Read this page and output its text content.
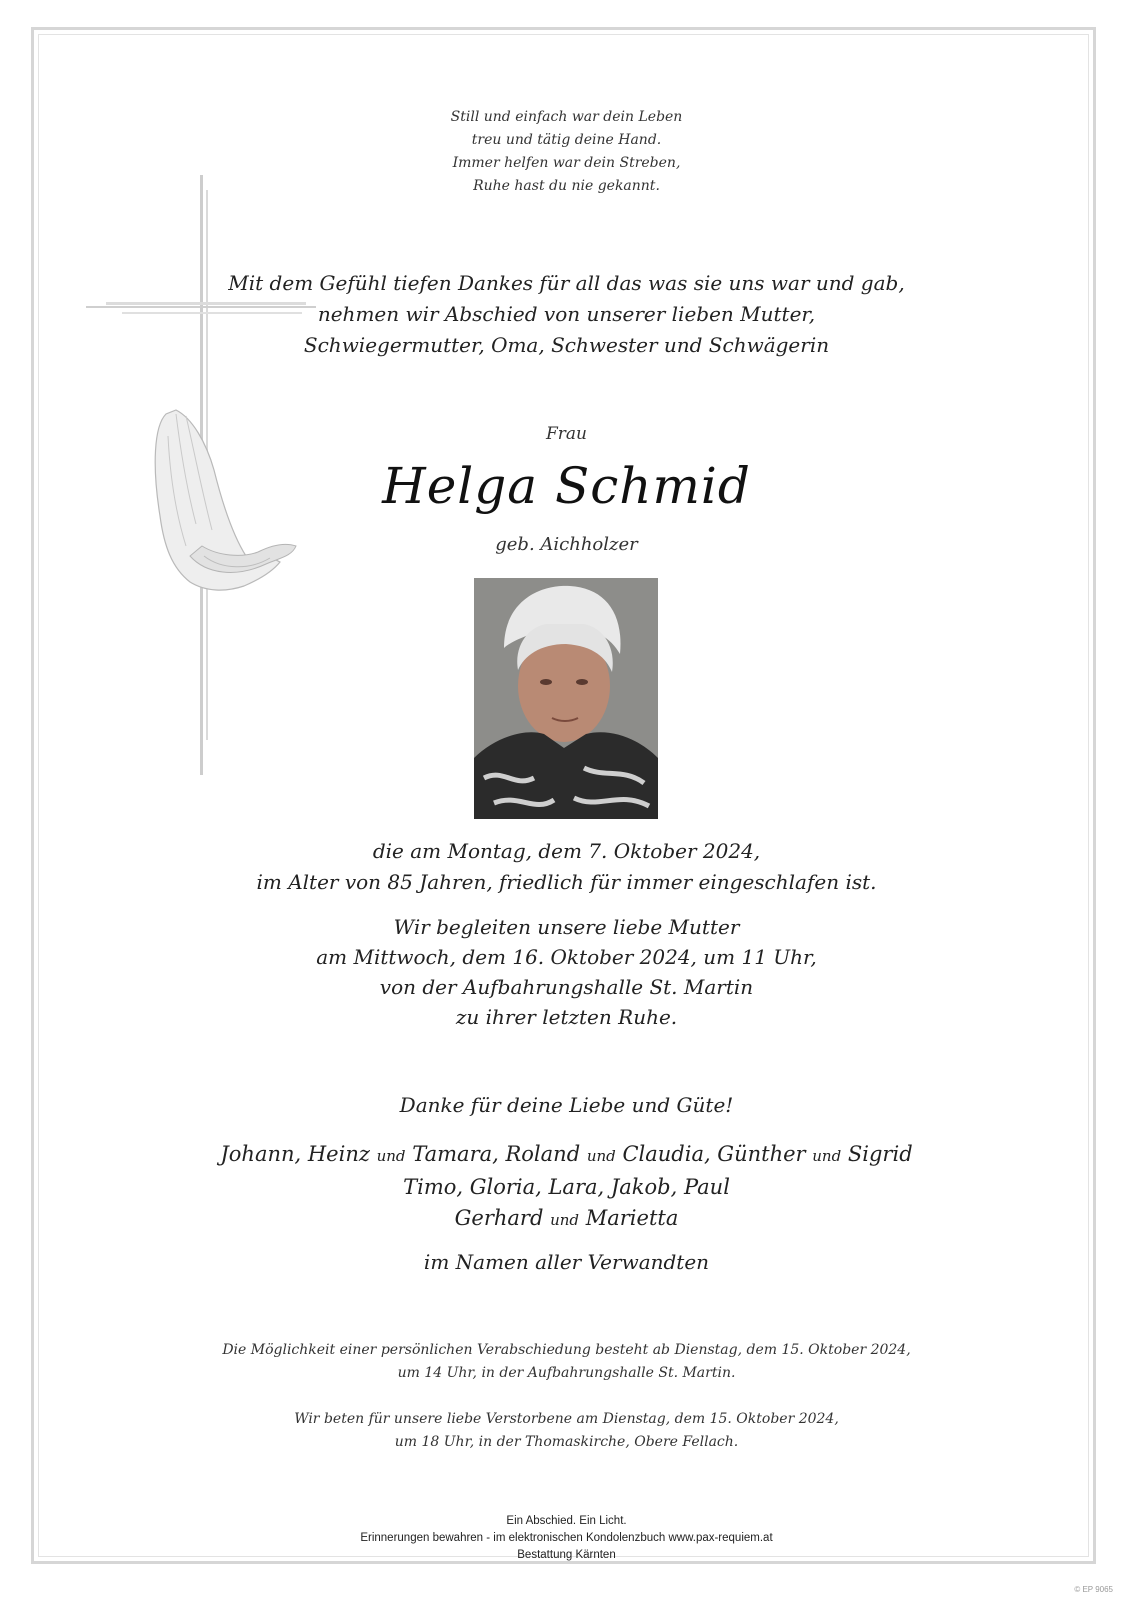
Still und einfach war dein Leben
treu und tätig deine Hand.
Immer helfen war dein Streben,
Ruhe hast du nie gekannt.
Mit dem Gefühl tiefen Dankes für all das was sie uns war und gab,
nehmen wir Abschied von unserer lieben Mutter,
Schwiegermutter, Oma, Schwester und Schwägerin
Frau
Helga Schmid
geb. Aichholzer
die am Montag, dem 7. Oktober 2024,
im Alter von 85 Jahren, friedlich für immer eingeschlafen ist.
Wir begleiten unsere liebe Mutter
am Mittwoch, dem 16. Oktober 2024, um 11 Uhr,
von der Aufbahrungshalle St. Martin
zu ihrer letzten Ruhe.
Danke für deine Liebe und Güte!
Johann, Heinz und Tamara, Roland und Claudia, Günther und Sigrid
Timo, Gloria, Lara, Jakob, Paul
Gerhard und Marietta
im Namen aller Verwandten
Die Möglichkeit einer persönlichen Verabschiedung besteht ab Dienstag, dem 15. Oktober 2024,
um 14 Uhr, in der Aufbahrungshalle St. Martin.
Wir beten für unsere liebe Verstorbene am Dienstag, dem 15. Oktober 2024,
um 18 Uhr, in der Thomaskirche, Obere Fellach.
Ein Abschied. Ein Licht.
Erinnerungen bewahren - im elektronischen Kondolenzbuch www.pax-requiem.at
Bestattung Kärnten
© EP 9065
